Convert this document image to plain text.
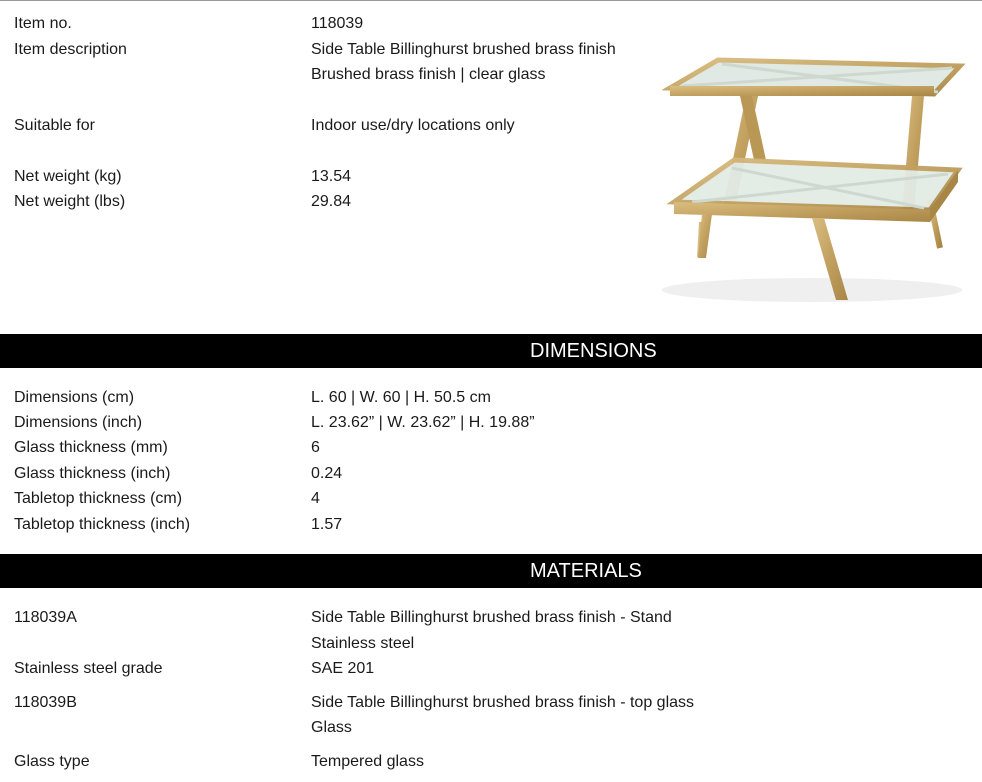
Item no.	118039
Item description	Side Table Billinghurst brushed brass finish
Brushed brass finish | clear glass
Suitable for	Indoor use/dry locations only
Net weight (kg)	13.54
Net weight (lbs)	29.84
DIMENSIONS
Dimensions (cm)	L. 60 | W. 60 | H. 50.5 cm
Dimensions (inch)	L. 23.62” | W. 23.62” | H. 19.88”
Glass thickness (mm)	6
Glass thickness (inch)	0.24
Tabletop thickness (cm)	4
Tabletop thickness (inch)	1.57
MATERIALS
118039A	Side Table Billinghurst brushed brass finish - Stand
Stainless steel
Stainless steel grade	SAE 201
118039B	Side Table Billinghurst brushed brass finish - top glass
Glass
Glass type	Tempered glass
